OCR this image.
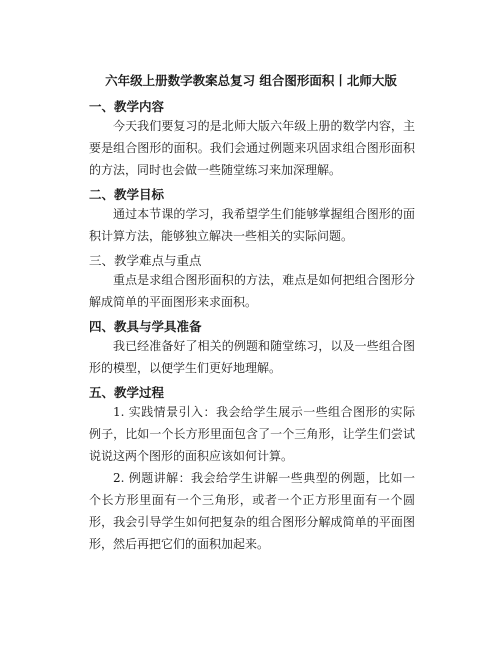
六年级上册数学教案总复习 组合图形面积丨北师大版
一、教学内容
今天我们要复习的是北师大版六年级上册的数学内容，主要是组合图形的面积。我们会通过例题来巩固求组合图形面积的方法，同时也会做一些随堂练习来加深理解。
二、教学目标
通过本节课的学习，我希望学生们能够掌握组合图形的面积计算方法，能够独立解决一些相关的实际问题。
三、教学难点与重点
重点是求组合图形面积的方法，难点是如何把组合图形分解成简单的平面图形来求面积。
四、教具与学具准备
我已经准备好了相关的例题和随堂练习，以及一些组合图形的模型，以便学生们更好地理解。
五、教学过程
1. 实践情景引入：我会给学生展示一些组合图形的实际例子，比如一个长方形里面包含了一个三角形，让学生们尝试说说这两个图形的面积应该如何计算。
2. 例题讲解：我会给学生讲解一些典型的例题，比如一个长方形里面有一个三角形，或者一个正方形里面有一个圆形，我会引导学生如何把复杂的组合图形分解成简单的平面图形，然后再把它们的面积加起来。
